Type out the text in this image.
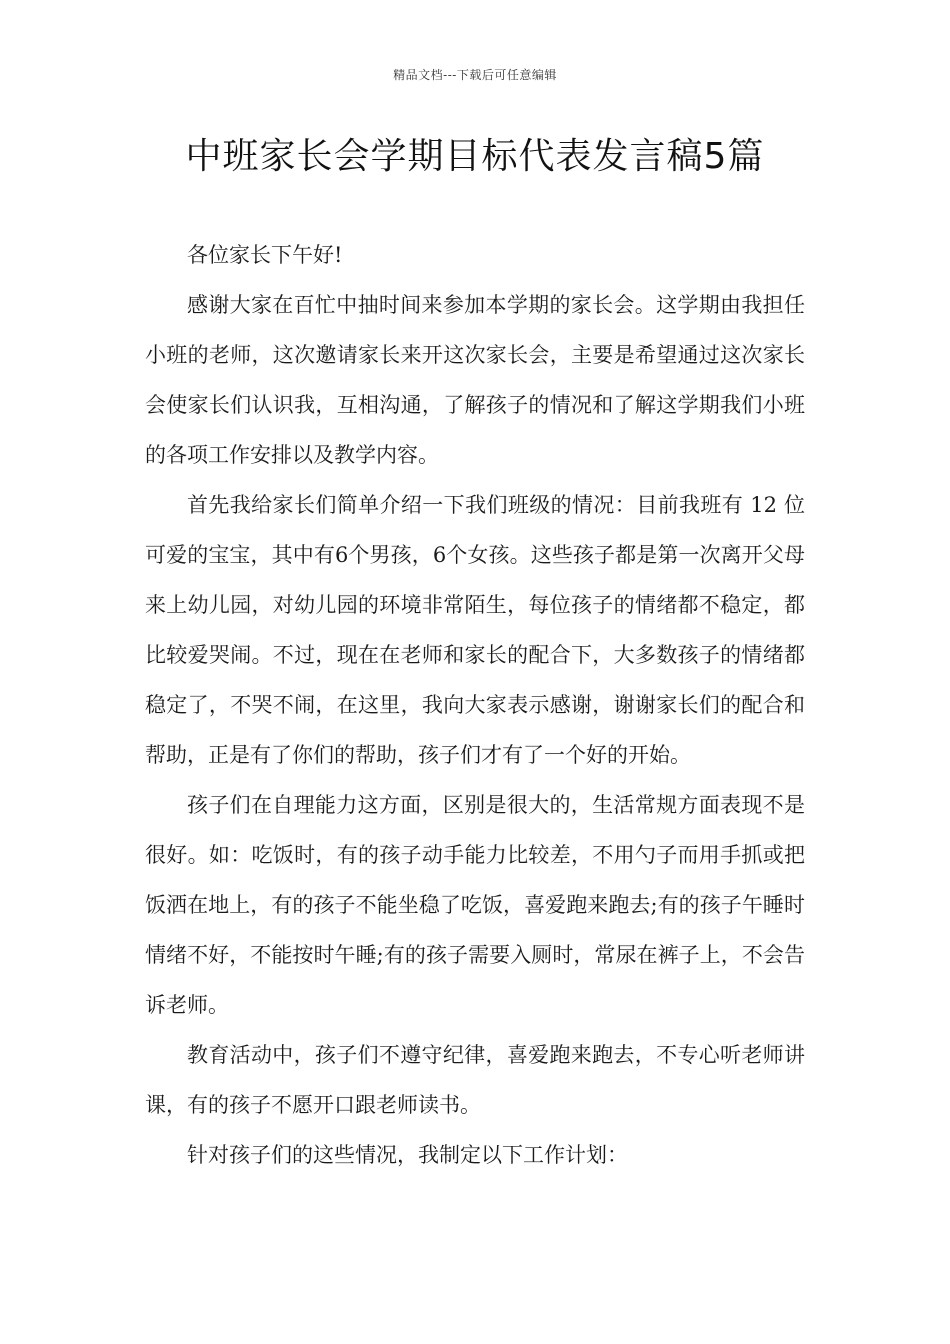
精品文档---下载后可任意编辑
中班家长会学期目标代表发言稿5篇

各位家长下午好!

感谢大家在百忙中抽时间来参加本学期的家长会。这学期由我担任小班的老师，这次邀请家长来开这次家长会，主要是希望通过这次家长会使家长们认识我，互相沟通，了解孩子的情况和了解这学期我们小班的各项工作安排以及教学内容。

首先我给家长们简单介绍一下我们班级的情况：目前我班有 12 位可爱的宝宝，其中有6个男孩，6个女孩。这些孩子都是第一次离开父母来上幼儿园，对幼儿园的环境非常陌生，每位孩子的情绪都不稳定，都比较爱哭闹。不过，现在在老师和家长的配合下，大多数孩子的情绪都稳定了，不哭不闹，在这里，我向大家表示感谢，谢谢家长们的配合和帮助，正是有了你们的帮助，孩子们才有了一个好的开始。

孩子们在自理能力这方面，区别是很大的，生活常规方面表现不是很好。如：吃饭时，有的孩子动手能力比较差，不用勺子而用手抓或把饭洒在地上，有的孩子不能坐稳了吃饭，喜爱跑来跑去;有的孩子午睡时情绪不好，不能按时午睡;有的孩子需要入厕时，常尿在裤子上，不会告诉老师。

教育活动中，孩子们不遵守纪律，喜爱跑来跑去，不专心听老师讲课，有的孩子不愿开口跟老师读书。

针对孩子们的这些情况，我制定以下工作计划：
